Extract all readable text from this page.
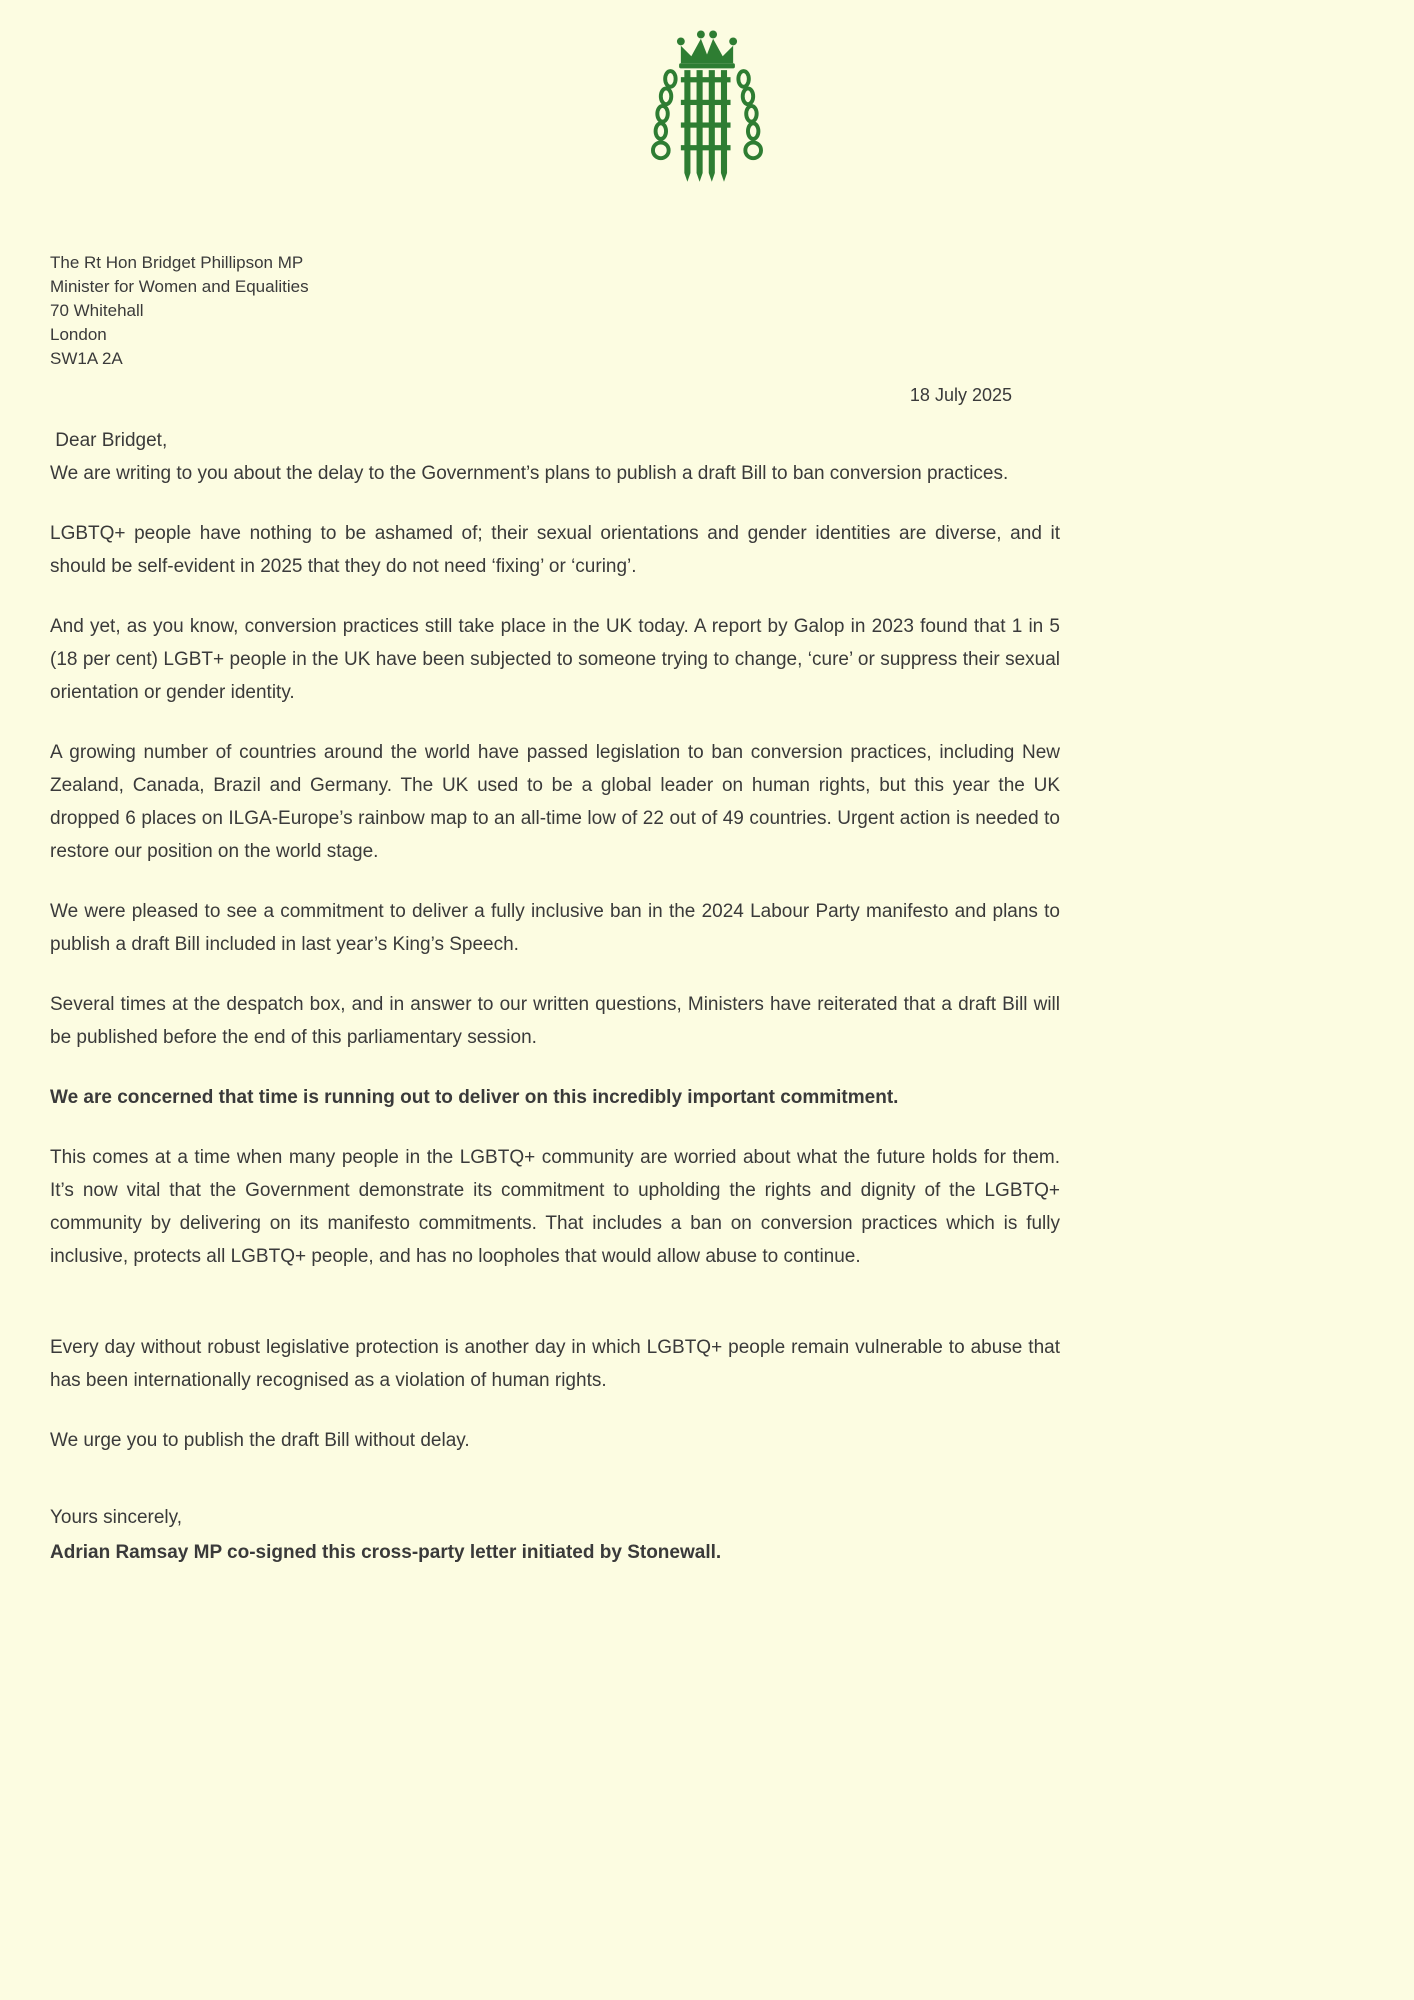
The Rt Hon Bridget Phillipson MP
Minister for Women and Equalities
70 Whitehall
London
SW1A 2A
18 July 2025
Dear Bridget,

We are writing to you about the delay to the Government’s plans to publish a draft Bill to ban conversion practices.

LGBTQ+ people have nothing to be ashamed of; their sexual orientations and gender identities are diverse, and it should be self-evident in 2025 that they do not need ‘fixing’ or ‘curing’.

And yet, as you know, conversion practices still take place in the UK today. A report by Galop in 2023 found that 1 in 5 (18 per cent) LGBT+ people in the UK have been subjected to someone trying to change, ‘cure’ or suppress their sexual orientation or gender identity.

A growing number of countries around the world have passed legislation to ban conversion practices, including New Zealand, Canada, Brazil and Germany. The UK used to be a global leader on human rights, but this year the UK dropped 6 places on ILGA-Europe’s rainbow map to an all-time low of 22 out of 49 countries. Urgent action is needed to restore our position on the world stage.

We were pleased to see a commitment to deliver a fully inclusive ban in the 2024 Labour Party manifesto and plans to publish a draft Bill included in last year’s King’s Speech.

Several times at the despatch box, and in answer to our written questions, Ministers have reiterated that a draft Bill will be published before the end of this parliamentary session.

We are concerned that time is running out to deliver on this incredibly important commitment.

This comes at a time when many people in the LGBTQ+ community are worried about what the future holds for them. It’s now vital that the Government demonstrate its commitment to upholding the rights and dignity of the LGBTQ+ community by delivering on its manifesto commitments. That includes a ban on conversion practices which is fully inclusive, protects all LGBTQ+ people, and has no loopholes that would allow abuse to continue.

Every day without robust legislative protection is another day in which LGBTQ+ people remain vulnerable to abuse that has been internationally recognised as a violation of human rights.

We urge you to publish the draft Bill without delay.

Yours sincerely,

Adrian Ramsay MP co-signed this cross-party letter initiated by Stonewall.
